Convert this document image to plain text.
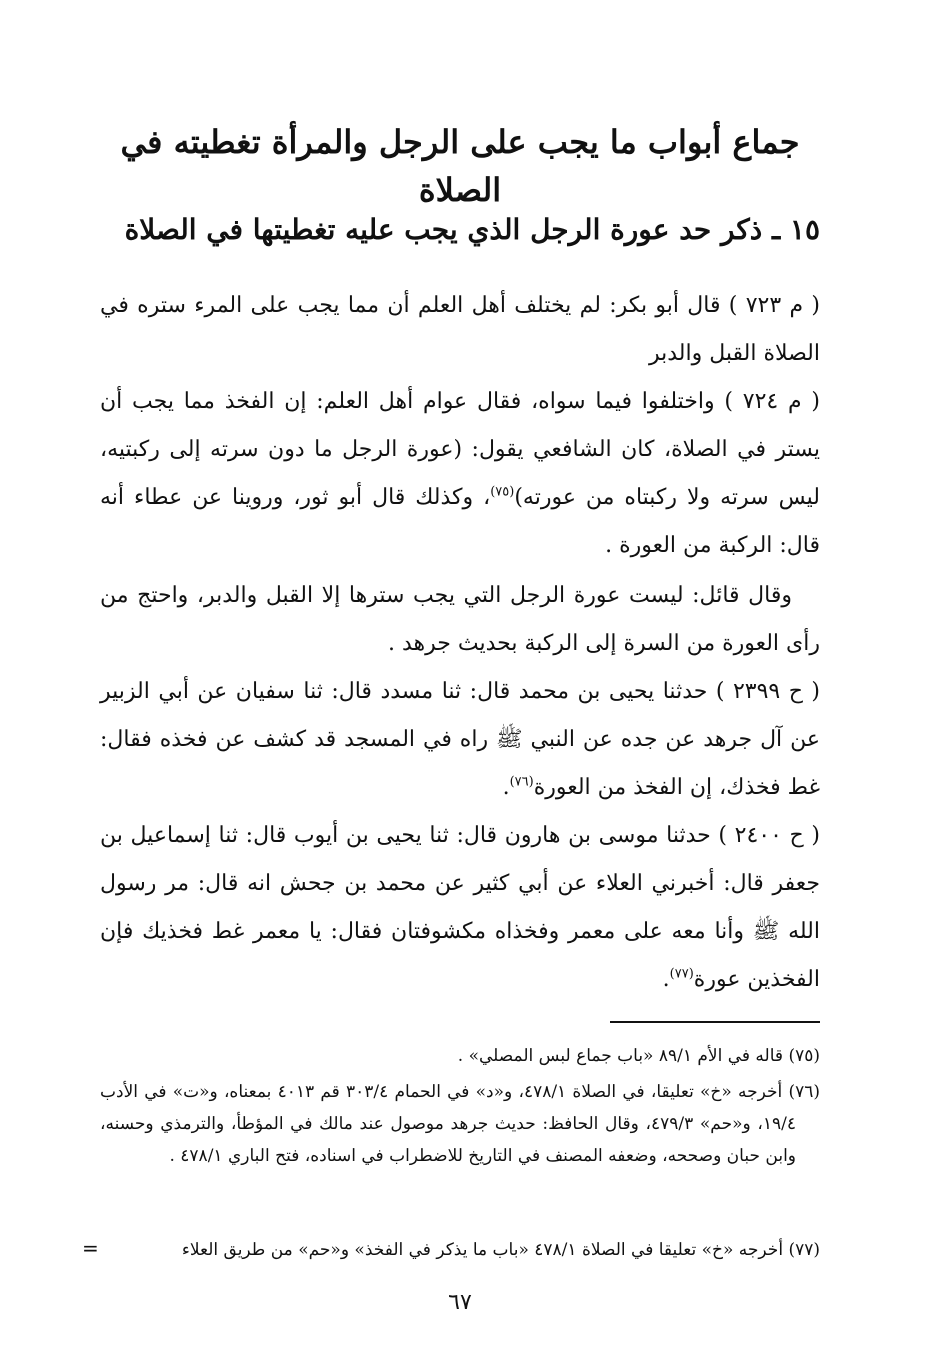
جماع أبواب ما يجب على الرجل والمرأة تغطيته في الصلاة
١٥ ـ ذكر حد عورة الرجل الذي يجب عليه تغطيتها في الصلاة

( م ٧٢٣ ) قال أبو بكر: لم يختلف أهل العلم أن مما يجب على المرء ستره في الصلاة القبل والدبر

( م ٧٢٤ ) واختلفوا فيما سواه، فقال عوام أهل العلم: إن الفخذ مما يجب أن يستر في الصلاة، كان الشافعي يقول: (عورة الرجل ما دون سرته إلى ركبتيه، ليس سرته ولا ركبتاه من عورته)$^{(٧٥)}$، وكذلك قال أبو ثور، وروينا عن عطاء أنه قال: الركبة من العورة .

وقال قائل: ليست عورة الرجل التي يجب سترها إلا القبل والدبر، واحتج من رأى العورة من السرة إلى الركبة بحديث جرهد .

( ح ٢٣٩٩ ) حدثنا يحيى بن محمد قال: ثنا مسدد قال: ثنا سفيان عن أبي الزبير عن آل جرهد عن جده عن النبي ﷺ راه في المسجد قد كشف عن فخذه فقال: غط فخذك، إن الفخذ من العورة$^{(٧٦)}$.

( ح ٢٤٠٠ ) حدثنا موسى بن هارون قال: ثنا يحيى بن أيوب قال: ثنا إسماعيل بن جعفر قال: أخبرني العلاء عن أبي كثير عن محمد بن جحش انه قال: مر رسول الله ﷺ وأنا معه على معمر وفخذاه مكشوفتان فقال: يا معمر غط فخذيك فإن الفخذين عورة$^{(٧٧)}$.

(٧٥) قاله في الأم ٨٩/١ «باب جماع لبس المصلي» .

(٧٦) أخرجه «خ» تعليقا، في الصلاة ٤٧٨/١، و«د» في الحمام ٣٠٣/٤ قم ٤٠١٣ بمعناه، و«ت» في الأدب ١٩/٤، و«حم» ٤٧٩/٣، وقال الحافظ: حديث جرهد موصول عند مالك في المؤطأ، والترمذي وحسنه، وابن حبان وصححه، وضعفه المصنف في التاريخ للاضطراب في اسناده، فتح الباري ٤٧٨/١ .

(٧٧) أخرجه «خ» تعليقا في الصلاة ٤٧٨/١ «باب ما يذكر في الفخذ» و«حم» من طريق العلاء

٦٧
=
